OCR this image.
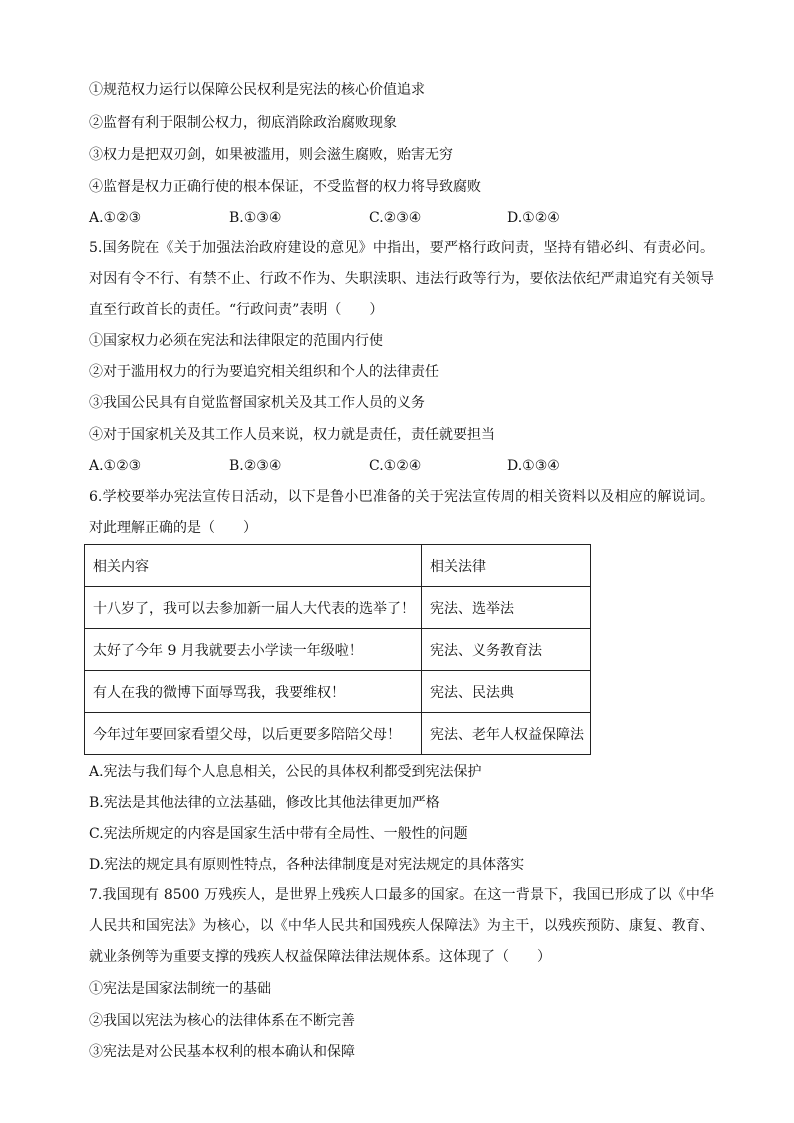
①规范权力运行以保障公民权利是宪法的核心价值追求
②监督有利于限制公权力，彻底消除政治腐败现象
③权力是把双刃剑，如果被滥用，则会滋生腐败，贻害无穷
④监督是权力正确行使的根本保证，不受监督的权力将导致腐败
A.①②③	B.①③④	C.②③④	D.①②④
5.国务院在《关于加强法治政府建设的意见》中指出，要严格行政问责，坚持有错必纠、有责必问。对因有令不行、有禁不止、行政不作为、失职渎职、违法行政等行为，要依法依纪严肃追究有关领导直至行政首长的责任。“行政问责”表明（　　）
①国家权力必须在宪法和法律限定的范围内行使
②对于滥用权力的行为要追究相关组织和个人的法律责任
③我国公民具有自觉监督国家机关及其工作人员的义务
④对于国家机关及其工作人员来说，权力就是责任，责任就要担当
A.①②③	B.②③④	C.①②④	D.①③④
6.学校要举办宪法宣传日活动，以下是鲁小巴准备的关于宪法宣传周的相关资料以及相应的解说词。对此理解正确的是（　　）
相关内容	相关法律
十八岁了，我可以去参加新一届人大代表的选举了！	宪法、选举法
太好了今年 9 月我就要去小学读一年级啦！	宪法、义务教育法
有人在我的微博下面辱骂我，我要维权！	宪法、民法典
今年过年要回家看望父母，以后更要多陪陪父母！	宪法、老年人权益保障法
A.宪法与我们每个人息息相关，公民的具体权利都受到宪法保护
B.宪法是其他法律的立法基础，修改比其他法律更加严格
C.宪法所规定的内容是国家生活中带有全局性、一般性的问题
D.宪法的规定具有原则性特点，各种法律制度是对宪法规定的具体落实
7.我国现有 8500 万残疾人，是世界上残疾人口最多的国家。在这一背景下，我国已形成了以《中华人民共和国宪法》为核心，以《中华人民共和国残疾人保障法》为主干，以残疾预防、康复、教育、就业条例等为重要支撑的残疾人权益保障法律法规体系。这体现了（　　）
①宪法是国家法制统一的基础
②我国以宪法为核心的法律体系在不断完善
③宪法是对公民基本权利的根本确认和保障
